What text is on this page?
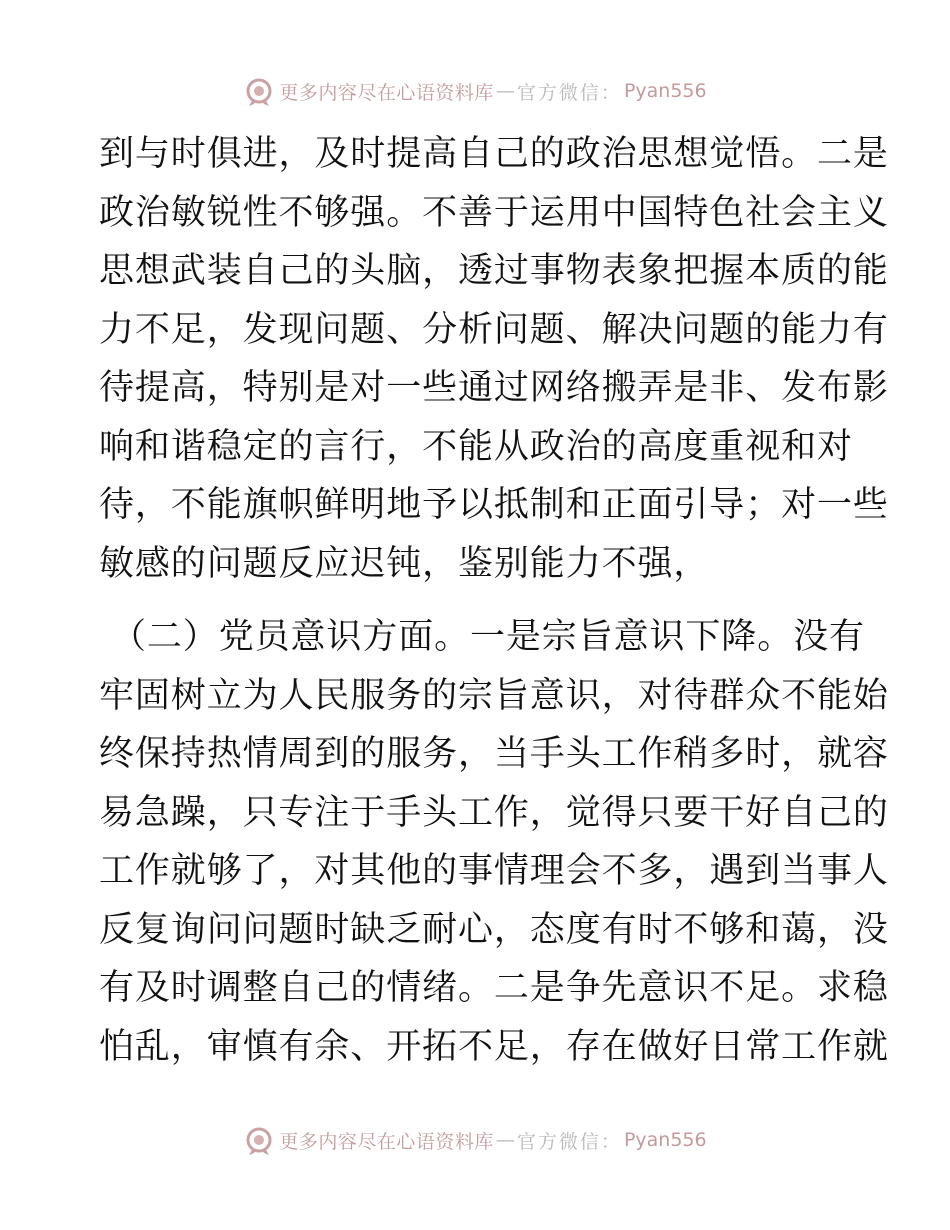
更多内容尽在心语资料库 — 官方微信： Pyan556
到与时俱进，及时提高自己的政治思想觉悟。二是
政治敏锐性不够强。不善于运用中国特色社会主义
思想武装自己的头脑，透过事物表象把握本质的能
力不足，发现问题、分析问题、解决问题的能力有
待提高，特别是对一些通过网络搬弄是非、发布影
响和谐稳定的言行，不能从政治的高度重视和对
待，不能旗帜鲜明地予以抵制和正面引导；对一些
敏感的问题反应迟钝，鉴别能力不强，
（二）党员意识方面。一是宗旨意识下降。没有
牢固树立为人民服务的宗旨意识，对待群众不能始
终保持热情周到的服务，当手头工作稍多时，就容
易急躁，只专注于手头工作，觉得只要干好自己的
工作就够了，对其他的事情理会不多，遇到当事人
反复询问问题时缺乏耐心，态度有时不够和蔼，没
有及时调整自己的情绪。二是争先意识不足。求稳
怕乱，审慎有余、开拓不足，存在做好日常工作就
更多内容尽在心语资料库 — 官方微信： Pyan556
